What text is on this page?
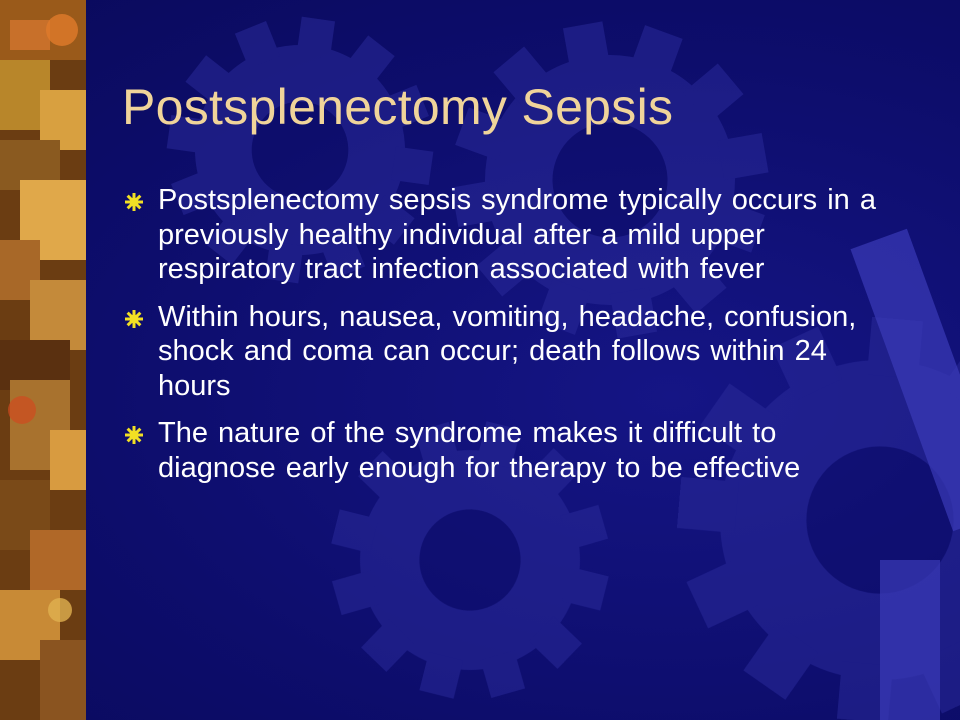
Postsplenectomy Sepsis
Postsplenectomy sepsis syndrome typically occurs in a previously healthy individual after a mild upper respiratory tract infection associated with fever
Within hours, nausea, vomiting, headache, confusion, shock and coma can occur; death follows within 24 hours
The nature of the syndrome makes it difficult to diagnose early enough for therapy to be effective
